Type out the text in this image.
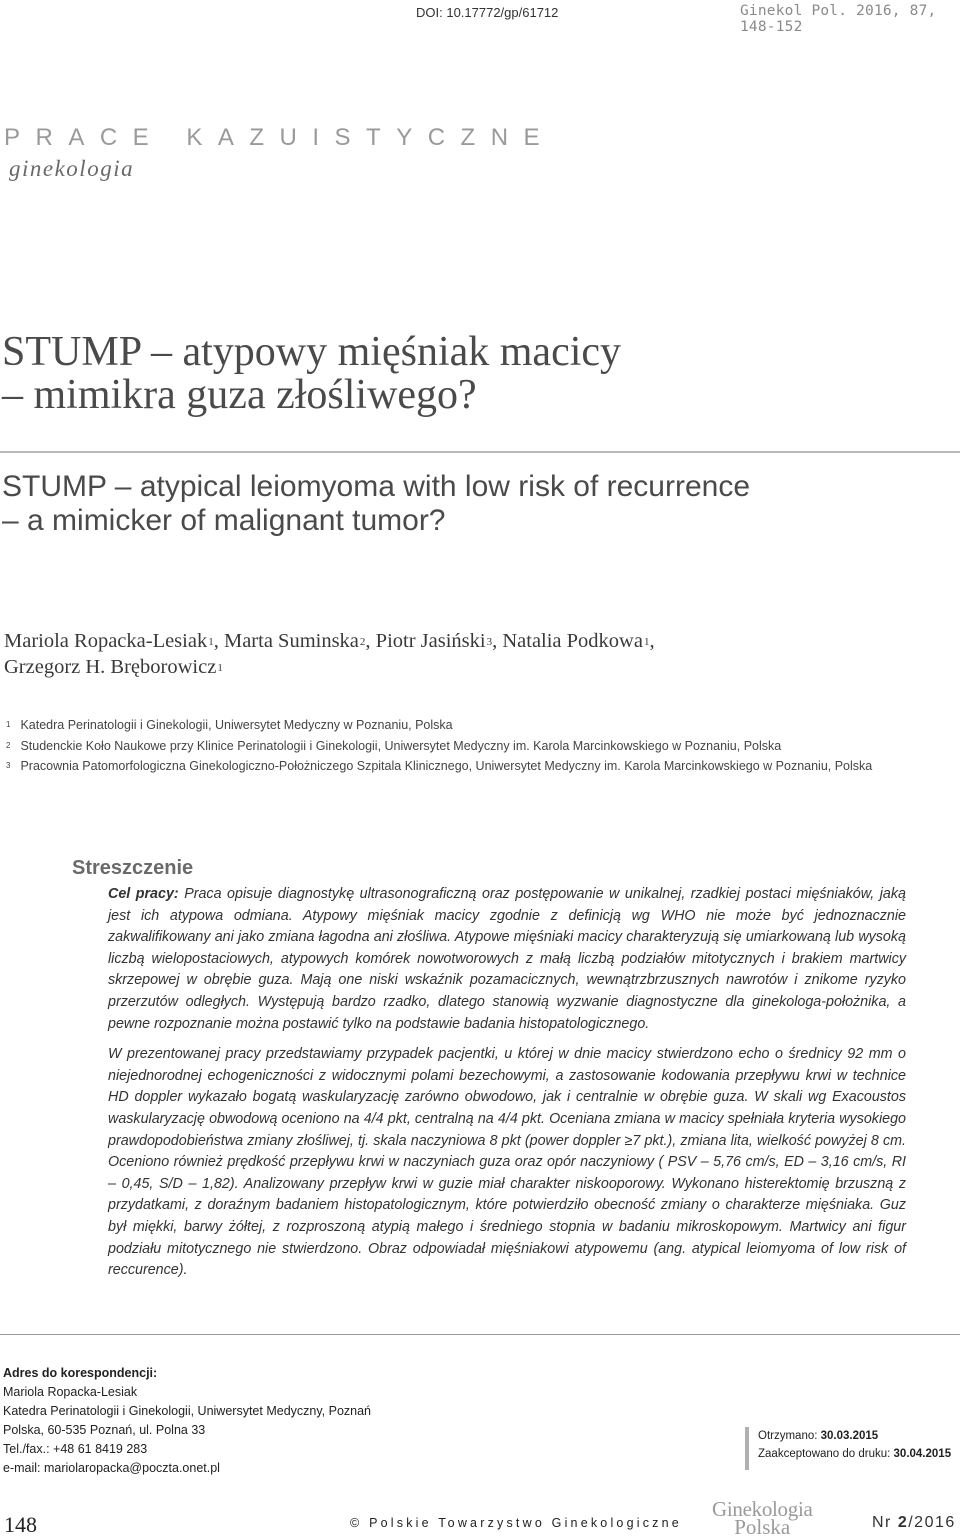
DOI: 10.17772/gp/61712	Ginekol Pol. 2016, 87, 148-152
PRACE KAZUISTYCZNE
ginekologia
STUMP – atypowy mięśniak macicy
– mimikra guza złośliwego?
STUMP – atypical leiomyoma with low risk of recurrence
– a mimicker of malignant tumor?
Mariola Ropacka-Lesiak$^1$, Marta Suminska$^2$, Piotr Jasiński$^3$, Natalia Podkowa$^1$,
Grzegorz H. Bręborowicz$^1$
$^1$ Katedra Perinatologii i Ginekologii, Uniwersytet Medyczny w Poznaniu, Polska
$^2$ Studenckie Koło Naukowe przy Klinice Perinatologii i Ginekologii, Uniwersytet Medyczny im. Karola Marcinkowskiego w Poznaniu, Polska
$^3$ Pracownia Patomorfologiczna Ginekologiczno-Położniczego Szpitala Klinicznego, Uniwersytet Medyczny im. Karola Marcinkowskiego w Poznaniu, Polska
Streszczenie

Cel pracy: Praca opisuje diagnostykę ultrasonograficzną oraz postępowanie w unikalnej, rzadkiej postaci mięśniaków, jaką jest ich atypowa odmiana. Atypowy mięśniak macicy zgodnie z definicją wg WHO nie może być jednoznacznie zakwalifikowany ani jako zmiana łagodna ani złośliwa. Atypowe mięśniaki macicy charakteryzują się umiarkowaną lub wysoką liczbą wielopostaciowych, atypowych komórek nowotworowych z małą liczbą podziałów mitotycznych i brakiem martwicy skrzepowej w obrębie guza. Mają one niski wskaźnik pozamacicznych, wewnątrzbrzusznych nawrotów i znikome ryzyko przerzutów odległych. Występują bardzo rzadko, dlatego stanowią wyzwanie diagnostyczne dla ginekologa-położnika, a pewne rozpoznanie można postawić tylko na podstawie badania histopatologicznego.

W prezentowanej pracy przedstawiamy przypadek pacjentki, u której w dnie macicy stwierdzono echo o średnicy 92 mm o niejednorodnej echogeniczności z widocznymi polami bezechowymi, a zastosowanie kodowania przepływu krwi w technice HD doppler wykazało bogatą waskularyzację zarówno obwodowo, jak i centralnie w obrębie guza. W skali wg Exacoustos waskularyzację obwodową oceniono na 4/4 pkt, centralną na 4/4 pkt. Oceniana zmiana w macicy spełniała kryteria wysokiego prawdopodobieństwa zmiany złośliwej, tj. skala naczyniowa 8 pkt (power doppler ≥7 pkt.), zmiana lita, wielkość powyżej 8 cm. Oceniono również prędkość przepływu krwi w naczyniach guza oraz opór naczyniowy ( PSV – 5,76 cm/s, ED – 3,16 cm/s, RI – 0,45, S/D – 1,82). Analizowany przepływ krwi w guzie miał charakter niskooporowy. Wykonano histerektomię brzuszną z przydatkami, z doraźnym badaniem histopatologicznym, które potwierdziło obecność zmiany o charakterze mięśniaka. Guz był miękki, barwy żółtej, z rozproszoną atypią małego i średniego stopnia w badaniu mikroskopowym. Martwicy ani figur podziału mitotycznego nie stwierdzono. Obraz odpowiadał mięśniakowi atypowemu (ang. atypical leiomyoma of low risk of reccurence).

Adres do korespondencji:
Mariola Ropacka-Lesiak
Katedra Perinatologii i Ginekologii, Uniwersytet Medyczny, Poznań
Polska, 60-535 Poznań, ul. Polna 33
Tel./fax.: +48 61 8419 283
e-mail: mariolaropacka@poczta.onet.pl
Otrzymano: 30.03.2015
Zaakceptowano do druku: 30.04.2015
148	© Polskie Towarzystwo Ginekologiczne
Ginekologia
Polska	Nr 2/2016
